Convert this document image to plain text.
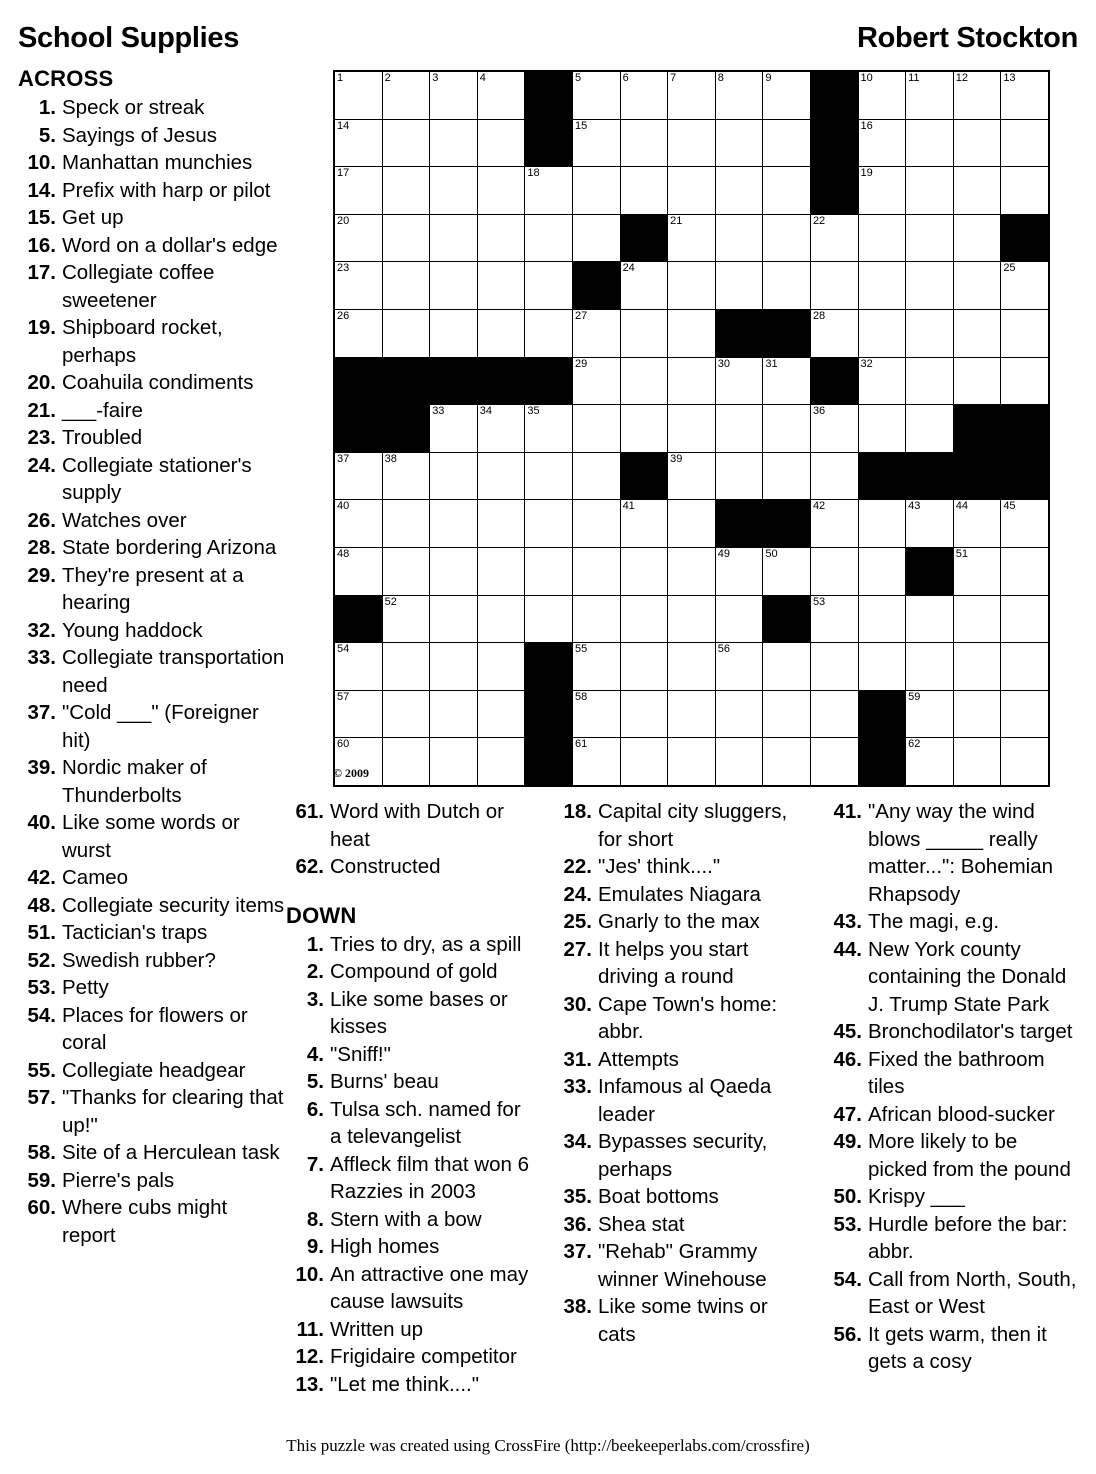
School Supplies	Robert Stockton
ACROSS
1. Speck or streak
5. Sayings of Jesus
10. Manhattan munchies
14. Prefix with harp or pilot
15. Get up
16. Word on a dollar's edge
17. Collegiate coffee sweetener
19. Shipboard rocket, perhaps
20. Coahuila condiments
21. ___-faire
23. Troubled
24. Collegiate stationer's supply
26. Watches over
28. State bordering Arizona
29. They're present at a hearing
32. Young haddock
33. Collegiate transportation need
37. "Cold ___" (Foreigner hit)
39. Nordic maker of Thunderbolts
40. Like some words or wurst
42. Cameo
48. Collegiate security items
51. Tactician's traps
52. Swedish rubber?
53. Petty
54. Places for flowers or coral
55. Collegiate headgear
57. "Thanks for clearing that up!"
58. Site of a Herculean task
59. Pierre's pals
60. Where cubs might report
1	2	3	4		5	6	7	8	9		10	11	12	13

14					15						16			

17				18							19			

20							21			22				

23						24								25

26					27					28				

					29			30	31		32			

		33	34	35						36				

37	38						39							

40						41				42		43	44	45

48								49	50				51	

	52									53				

54					55			56						

57					58							59		

60					61							62		

© 2009
61. Word with Dutch or heat
62. Constructed
DOWN
1. Tries to dry, as a spill
2. Compound of gold
3. Like some bases or kisses
4. "Sniff!"
5. Burns' beau
6. Tulsa sch. named for a televangelist
7. Affleck film that won 6 Razzies in 2003
8. Stern with a bow
9. High homes
10. An attractive one may cause lawsuits
11. Written up
12. Frigidaire competitor
13. "Let me think...."
18. Capital city sluggers, for short
22. "Jes' think...."
24. Emulates Niagara
25. Gnarly to the max
27. It helps you start driving a round
30. Cape Town's home: abbr.
31. Attempts
33. Infamous al Qaeda leader
34. Bypasses security, perhaps
35. Boat bottoms
36. Shea stat
37. "Rehab" Grammy winner Winehouse
38. Like some twins or cats
41. "Any way the wind blows _____ really matter...": Bohemian Rhapsody
43. The magi, e.g.
44. New York county containing the Donald J. Trump State Park
45. Bronchodilator's target
46. Fixed the bathroom tiles
47. African blood-sucker
49. More likely to be picked from the pound
50. Krispy ___
53. Hurdle before the bar: abbr.
54. Call from North, South, East or West
56. It gets warm, then it gets a cosy
This puzzle was created using CrossFire (http://beekeeperlabs.com/crossfire)
